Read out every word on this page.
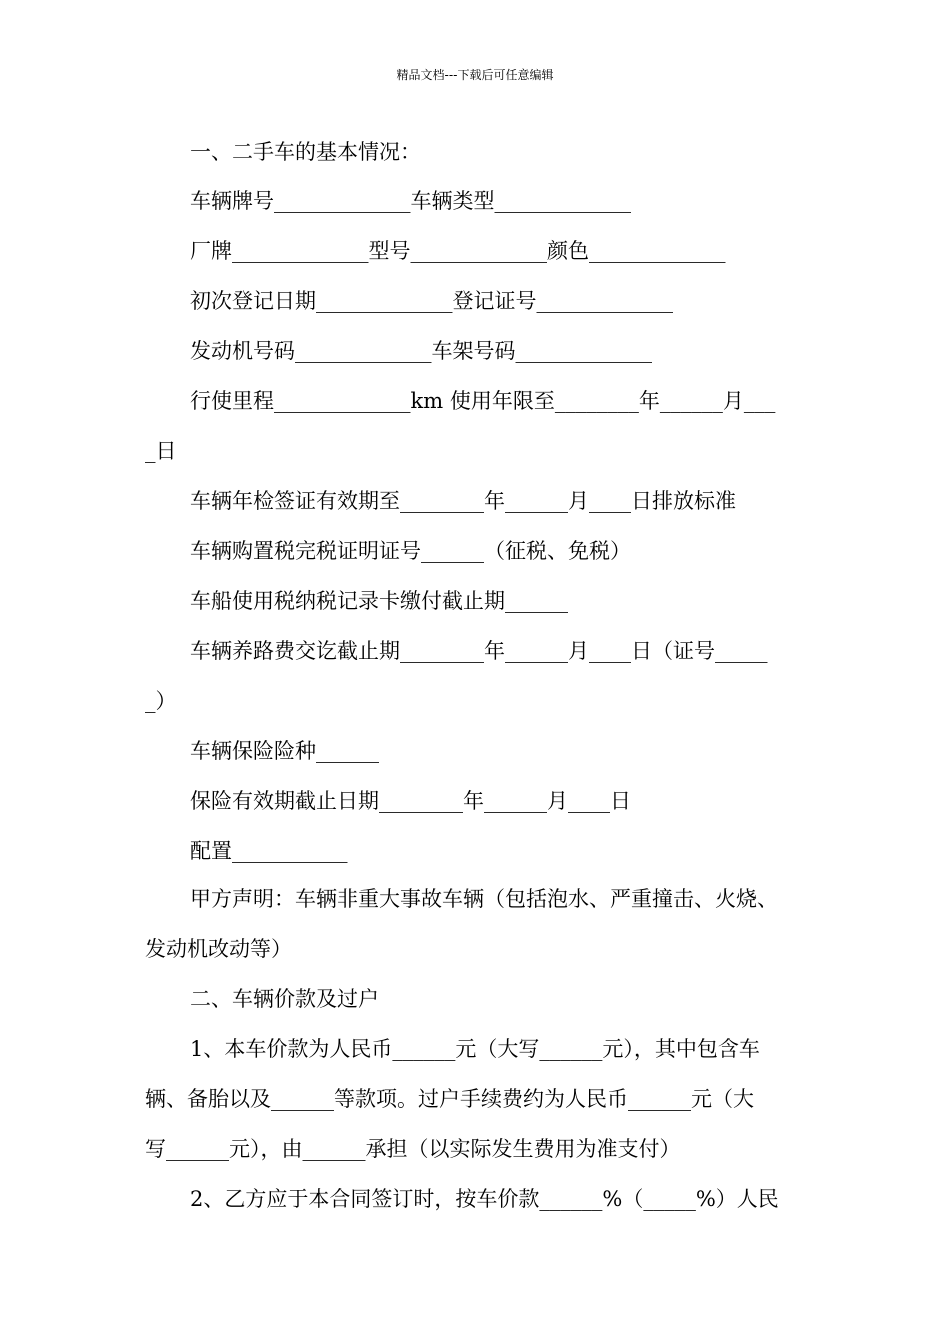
精品文档---下载后可任意编辑
一、二手车的基本情况：
车辆牌号_____________车辆类型_____________
厂牌_____________型号_____________颜色_____________
初次登记日期_____________登记证号_____________
发动机号码_____________车架号码_____________
行使里程_____________km 使用年限至________年______月___
_日
车辆年检签证有效期至________年______月____日排放标准
车辆购置税完税证明证号______（征税、免税）
车船使用税纳税记录卡缴付截止期______
车辆养路费交讫截止期________年______月____日（证号_____
_）
车辆保险险种______
保险有效期截止日期________年______月____日
配置___________
甲方声明：车辆非重大事故车辆（包括泡水、严重撞击、火烧、
发动机改动等）
二、车辆价款及过户
1、本车价款为人民币______元（大写______元），其中包含车
辆、备胎以及______等款项。过户手续费约为人民币______元（大
写______元），由______承担（以实际发生费用为准支付）
2、乙方应于本合同签订时，按车价款______%（_____%）人民
